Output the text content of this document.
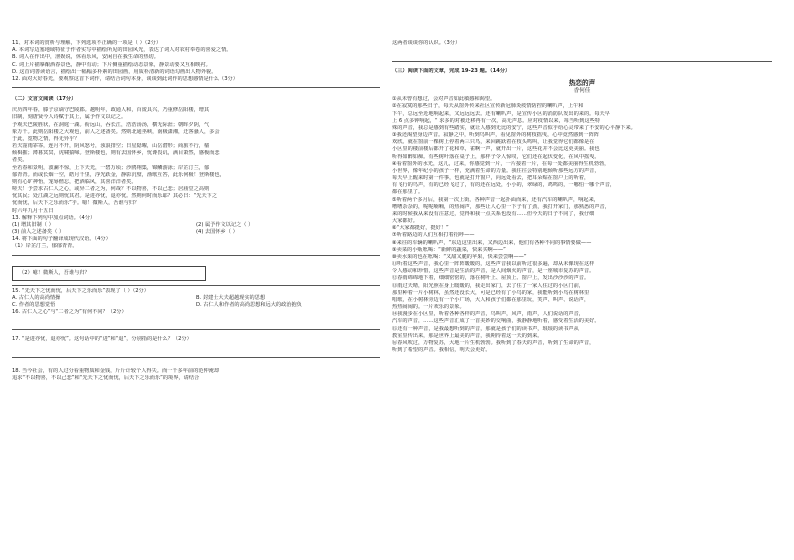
11、对本词的赏析与理解，下列选项不正确的一项是（ ）（2分）
A. 本词写边塞地域特征于作者实写中描绘所见的田园风光，表达了词人对农村奉卷的喜爱之情。
B. 词人在作出中，泄娱说，休看乐风，安闲自在我生命的热切。
C. 词上片描摹酿酒春景色，静中有动；下片侧重描绘动态景象，静景动要又互相映衬。
D. 这首词善读语言，描绘出一幅幅多朴素的田园画，用质朴清新的词语勾画出人物外貌。
12. 面对大好春光，要观察这首下词作，请结合词句本身，谈谈到此词作的思想感情是什么（3分）
（二）文言文阅读（17分）
庆历四年春，滕子京谪守巴陵郡。越明年，政通人和，百废具兴，乃重修岳阳楼，增其
旧制，刻唐贤今人诗赋于其上，属予作文以记之。
予观夫巴陵胜状，在洞庭一湖。衔远山，吞长江，浩浩汤汤，横无际涯；朝晖夕阴，气
象万千。此则岳阳楼之大观也，前人之述备矣。然则北通巫峡，南极潇湘，迁客骚人，多会
于此，览物之情，得无异乎？
若夫霪雨霏霏，连月不开，阴风怒号，浊浪排空；日星隐曜，山岳潜形；商旅不行，樯
倾楫摧；薄暮冥冥，虎啸猿啼。登斯楼也，则有去国怀乡，忧谗畏讥，满目萧然，感极而悲
者矣。
至若春和景明，波澜不惊，上下天光，一碧万顷；沙鸥翔集，锦鳞游泳；岸芷汀兰，郁
郁青青。而或长烟一空，皓月千里，浮光跃金，静影沉璧，渔歌互答，此乐何极！登斯楼也，
则有心旷神怡，宠辱偕忘，把酒临风，其喜洋洋者矣。
嗟夫！予尝求古仁人之心，或异二者之为，何哉？不以物喜，不以己悲；居庙堂之高则
忧其民；处江湖之远则忧其君。是进亦忧，退亦忧。然则何时而乐耶？其必曰：“先天下之
忧而忧，后天下之乐而乐”乎。噫！微斯人，吾谁与归？
时六年九月十五日
13. 解释下列句中加点词语。（4分）
(1) 增其旧制（ ）	(2) 属予作文以记之（ ）
(3) 前人之述备矣（ ）	(4) 去国怀乡（ ）
14. 将下面的句子翻译成现代汉语。（4分）
（1）岸芷汀兰，郁郁青青。
（2）噫！微斯人，吾谁与归？
15. “先天下之忧而忧，后天下之乐而乐”表现了（ ）（2分）
A. 古仁人的高尚情操	B. 封建士大夫超越现实的思想
C. 作者的思想觉悟	D. 古仁人和作者的高尚思想和远大的政治抱负
16. 古仁人之心”与“二者之为”有何不同？（2分）
17. “是进亦忧，退亦忧”。这句话中的“进”和“退”，分别指的是什么？（2分）
18. 当今社会，有的人过分看重物质和金钱，斤斤计较个人得失。而一千多年前的范仲淹却
追求“不以物喜，不以己悲”和“先天下之忧而忧，后天下之乐而乐”的境界，请结合
这两者谈谈你的认识。（3分）
（三）阅读下面的文章，完成 19-23 题。（14分）
热恋的声
香何佳
①从未曾有想过，会对声音如此敏感和渴望。
②在寂寞的那些日子，每天从窗外传来社区宣传新冠肺炎疫情防控的喇叭声，上午和
下午，总远至近地响起来，又远远远去。还有喇叭声，是宣传小区的消防队发出的来的。每天早
上 6 点多钟响起，“ 求多的对被迁移再有一次，高无声息。应对疫情以来，每当听到这些特
殊的声音，我总是感到有些踏实，就让人感到无比的安宁，这些声音似乎给心灵带来了不安的心平静下来。
③我还渴望身边声音。寂静之中，听到鸟叫声，看见窗外的树枝摇曳，心中竟然感到一阵阵
欢欣。就在窗前一棵树上停着两三只鸟，来回跳跃着在枝头鸣叫，让我觉得它们都像是在
小区里的楼前楼后都开了花和草，雀啊一声，就开出一片，这些花并不会比这更美丽。我也
听得如醉如痴。有些树叶落在桌子上，那样子令人惊叹，它们还在起伏变化，在风中摇曳。
④看着窗外的水光，这儿，过来，你感觉到一片，一片接着一片，在每一处都美丽得生机勃勃，
小世界，像年纪小的孩子一样，充满着生命的力量。我往往会特别地倾听那些远方的声音，
每天早上醒来时第一件事，也就是打开窗户，向远处看去，把耳朵贴在窗户上的听着，
有飞行的鸟声，有的已经飞过了，有的还在远处，小小的，翠绿的，鸡鸣的，一哪怕一哪个声音，
都在那里了。
⑤听着两个多月后，我第一次上街，各种声音一起扑面而来，还有汽车的喇叭声，响起来，
嘈嘈杂杂的，呢呢喃喃，的热闹声，那些让人心里一下子有了劲，我打开家门，那熟悉的声音，
来的时候我从来没有注意过，觉得和我一点关系也没有……但今天的日子不同了，我仔细
大家都好。
⑥“大家都挺好，挺好！”
⑦听着路边的人们互相打着招呼——
⑧来往的车辆的喇叭声，“东边这里出来，又西边出来，他们有各种不同的事情要做——
⑨卖菜的小贩吆喝：“新鲜的蔬菜，快来买啊——”
⑩卖水果的也在吆喝：“又甜又脆的苹果，快来尝尝啊——”
⑪听着这些声音，我心里一阵阵暖暖的，这些声音我以前听过很多遍，却从未像现在这样
令人感动和珍惜，这些声音是生活的声音，是人间烟火的声音，是一座城市复苏的声音。
⑫春雨绵绵地下着，细细密密的，落在树叶上、屋顶上、窗户上，发出沙沙沙的声音。
⑬雨过天晴，阳光照在身上暖暖的，我走出家门，去了住了一家人住过的小区门前，
那里种着一片小树林，虽然还没长大，可是已经有了小鸟的家，我能听到小鸟在树林里
唱歌，在小树林旁边有一个小广场，大人和孩子们都在那里玩，笑声、叫声、说话声，
热热闹闹的。一片欢乐的景象。
⑭我漫步在小区里，听着各种各样的声音，鸟叫声，风声，雨声，人们说话的声音，
汽车的声音，……这些声音汇成了一首美妙的交响曲，我静静地听着，感受着生活的美好。
⑮还有一种声音，是我最想听到的声音，那就是孩子们的读书声，琅琅的读书声从
教室里传出来，那是世界上最美的声音，我期待着这一天的到来。
⑯春风吹过，万物复苏，大地一片生机勃勃。我听到了春天的声音，听到了生命的声音，
听到了希望的声音。我相信，明天会更好。
